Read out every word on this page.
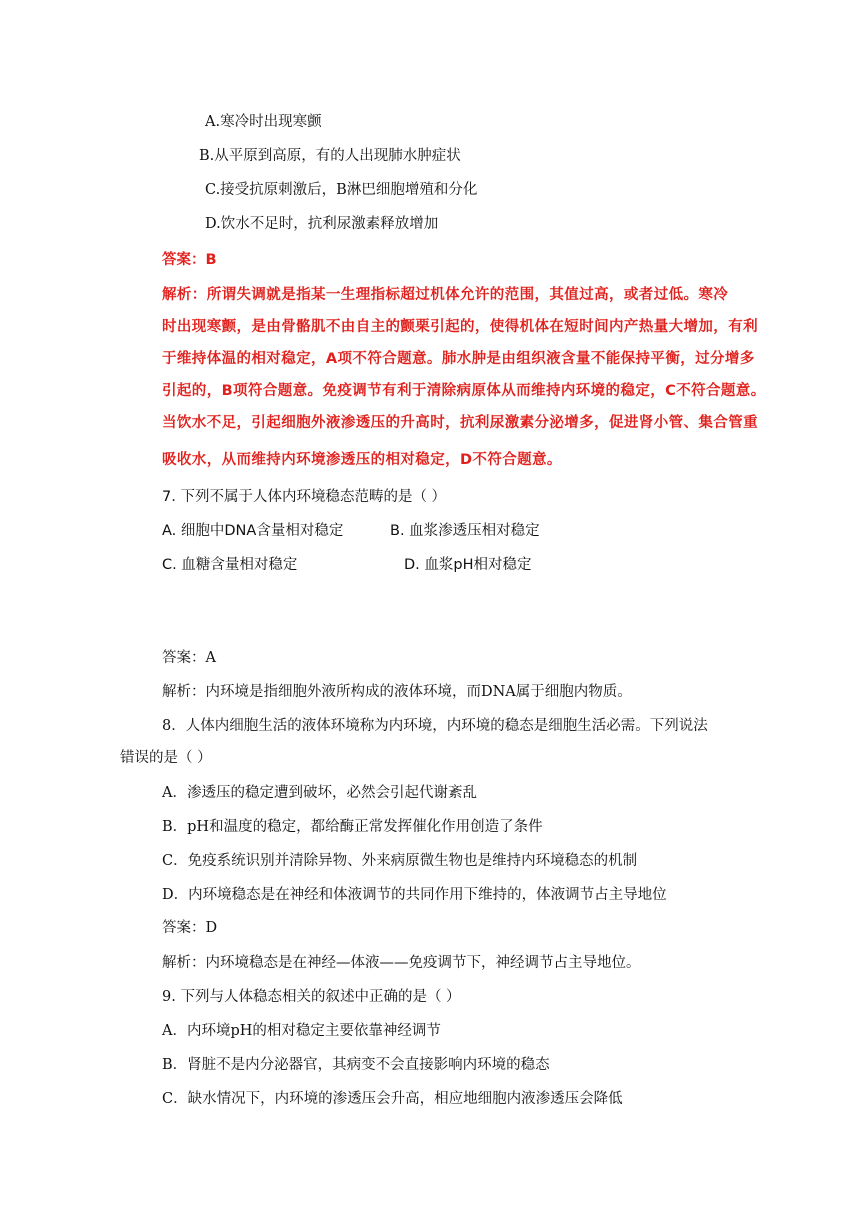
A.寒冷时出现寒颤
B.从平原到高原，有的人出现肺水肿症状
C.接受抗原刺激后，B淋巴细胞增殖和分化
D.饮水不足时，抗利尿激素释放增加
答案：B
解析：所谓失调就是指某一生理指标超过机体允许的范围，其值过高，或者过低。寒冷
时出现寒颤，是由骨骼肌不由自主的颤栗引起的，使得机体在短时间内产热量大增加，有利
于维持体温的相对稳定，A项不符合题意。肺水肿是由组织液含量不能保持平衡，过分增多
引起的，B项符合题意。免疫调节有利于清除病原体从而维持内环境的稳定，C不符合题意。
当饮水不足，引起细胞外液渗透压的升高时，抗利尿激素分泌增多，促进肾小管、集合管重
吸收水，从而维持内环境渗透压的相对稳定，D不符合题意。
7. 下列不属于人体内环境稳态范畴的是（ ）
A. 细胞中DNA含量相对稳定	B. 血浆渗透压相对稳定
C. 血糖含量相对稳定	D. 血浆pH相对稳定
答案：A
解析：内环境是指细胞外液所构成的液体环境，而DNA属于细胞内物质。
8．人体内细胞生活的液体环境称为内环境，内环境的稳态是细胞生活必需。下列说法
错误的是（ ）
A．渗透压的稳定遭到破坏，必然会引起代谢紊乱
B．pH和温度的稳定，都给酶正常发挥催化作用创造了条件
C．免疫系统识别并清除异物、外来病原微生物也是维持内环境稳态的机制
D．内环境稳态是在神经和体液调节的共同作用下维持的，体液调节占主导地位
答案：D
解析：内环境稳态是在神经—体液——免疫调节下，神经调节占主导地位。
9. 下列与人体稳态相关的叙述中正确的是（ ）
A．内环境pH的相对稳定主要依靠神经调节
B．肾脏不是内分泌器官，其病变不会直接影响内环境的稳态
C．缺水情况下，内环境的渗透压会升高，相应地细胞内液渗透压会降低
